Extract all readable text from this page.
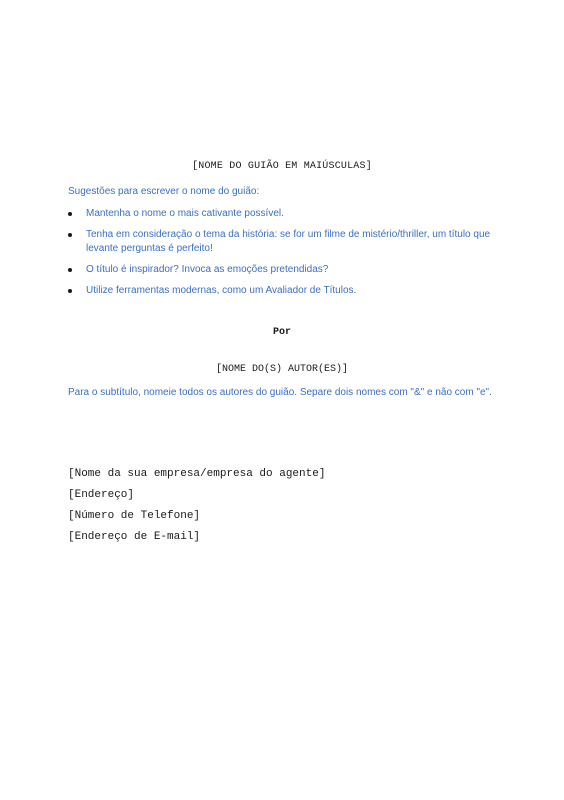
[NOME DO GUIÃO EM MAIÚSCULAS]
Sugestões para escrever o nome do guião:
Mantenha o nome o mais cativante possível.
Tenha em consideração o tema da história: se for um filme de mistério/thriller, um título que levante perguntas é perfeito!
O título é inspirador? Invoca as emoções pretendidas?
Utilize ferramentas modernas, como um Avaliador de Títulos.
Por
[NOME DO(S) AUTOR(ES)]
Para o subtítulo, nomeie todos os autores do guião. Separe dois nomes com "&" e não com "e".
[Nome da sua empresa/empresa do agente]
[Endereço]
[Número de Telefone]
[Endereço de E-mail]
